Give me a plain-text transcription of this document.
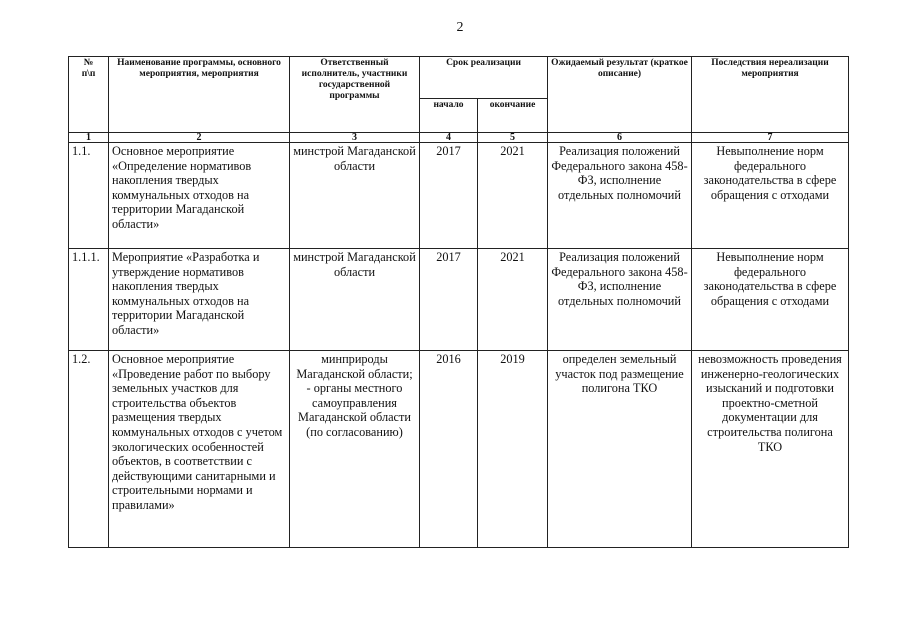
2
№
п\п	Наименование программы, основного мероприятия, мероприятия	Ответственный исполнитель, участники государственной программы	Срок реализации		Ожидаемый результат (краткое описание)	Последствия нереализации мероприятия
			начало	окончание		
1	2	3	4	5	6	7
1.1.	Основное мероприятие «Определение нормативов накопления твердых коммунальных отходов на территории Магаданской области»	минстрой Магаданской области	2017	2021	Реализация положений Федерального закона 458-ФЗ, исполнение отдельных полномочий	Невыполнение норм федерального законодательства в сфере обращения с отходами
1.1.1.	Мероприятие «Разработка и утверждение нормативов накопления твердых коммунальных отходов на территории Магаданской области»	минстрой Магаданской области	2017	2021	Реализация положений Федерального закона 458-ФЗ, исполнение отдельных полномочий	Невыполнение норм федерального законодательства в сфере обращения с отходами
1.2.	Основное мероприятие «Проведение работ по выбору земельных участков для строительства объектов размещения твердых коммунальных отходов с учетом экологических особенностей объектов, в соответствии с действующими санитарными и строительными нормами и правилами»	минприроды Магаданской области; - органы местного самоуправления Магаданской области (по согласованию)	2016	2019	определен земельный участок под размещение полигона ТКО	невозможность проведения инженерно-геологических изысканий и подготовки проектно-сметной документации для строительства полигона ТКО
